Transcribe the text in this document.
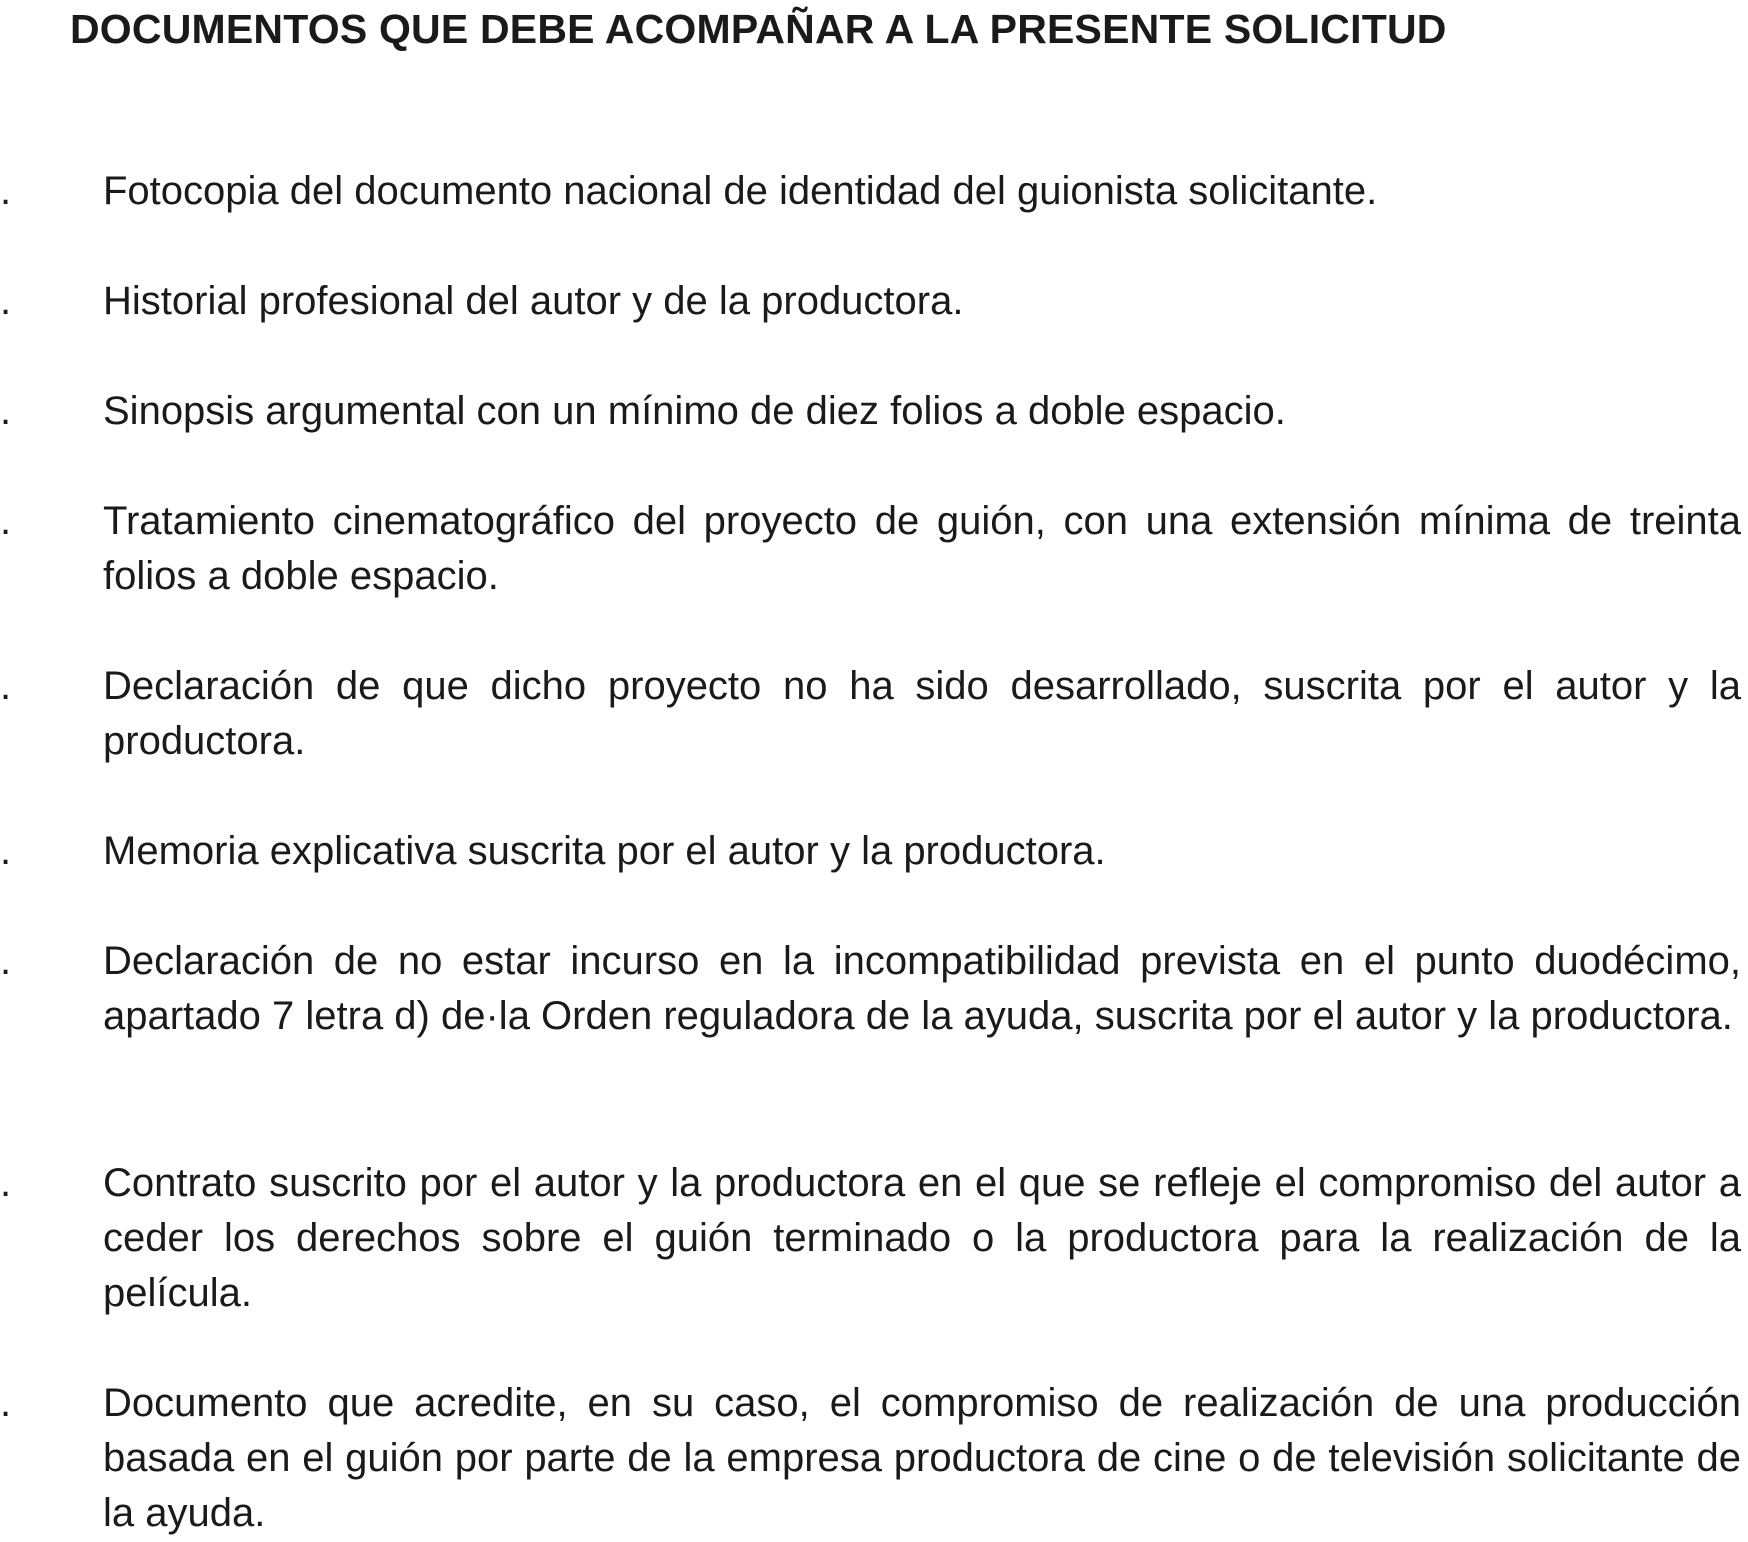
DOCUMENTOS QUE DEBE ACOMPAÑAR A LA PRESENTE SOLICITUD
. Fotocopia del documento nacional de identidad del guionista solicitante.

. Historial profesional del autor y de la productora.

. Sinopsis argumental con un mínimo de diez folios a doble espacio.

. Tratamiento cinematográfico del proyecto de guión, con una extensión mínima de treinta folios a doble espacio.

. Declaración de que dicho proyecto no ha sido desarrollado, suscrita por el autor y la productora.

. Memoria explicativa suscrita por el autor y la productora.

. Declaración de no estar incurso en la incompatibilidad prevista en el punto duodécimo, apartado 7 letra d) de·la Orden reguladora de la ayuda, suscrita por el autor y la productora.

. Contrato suscrito por el autor y la productora en el que se refleje el compromiso del autor a ceder los derechos sobre el guión terminado o la productora para la realización de la película.

. Documento que acredite, en su caso, el compromiso de realización de una producción basada en el guión por parte de la empresa productora de cine o de televisión solicitante de la ayuda.
